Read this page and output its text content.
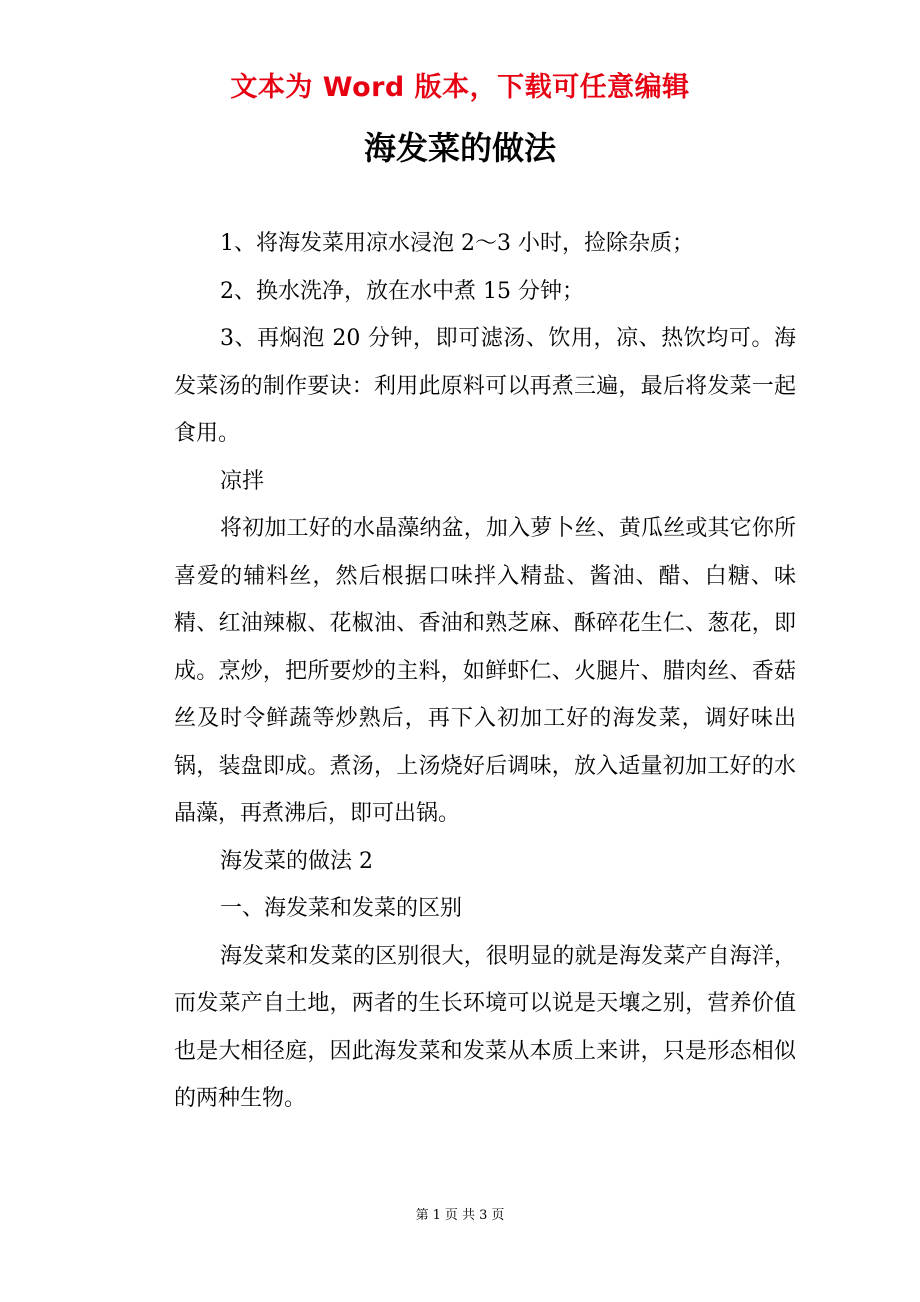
文本为 Word 版本，下载可任意编辑
海发菜的做法

1、将海发菜用凉水浸泡 2～3 小时，捡除杂质；

2、换水洗净，放在水中煮 15 分钟；

3、再焖泡 20 分钟，即可滤汤、饮用，凉、热饮均可。海发菜汤的制作要诀：利用此原料可以再煮三遍，最后将发菜一起食用。

凉拌

将初加工好的水晶藻纳盆，加入萝卜丝、黄瓜丝或其它你所喜爱的辅料丝，然后根据口味拌入精盐、酱油、醋、白糖、味精、红油辣椒、花椒油、香油和熟芝麻、酥碎花生仁、葱花，即成。烹炒，把所要炒的主料，如鲜虾仁、火腿片、腊肉丝、香菇丝及时令鲜蔬等炒熟后，再下入初加工好的海发菜，调好味出锅，装盘即成。煮汤，上汤烧好后调味，放入适量初加工好的水晶藻，再煮沸后，即可出锅。

海发菜的做法 2

一、海发菜和发菜的区别

海发菜和发菜的区别很大，很明显的就是海发菜产自海洋，而发菜产自土地，两者的生长环境可以说是天壤之别，营养价值也是大相径庭，因此海发菜和发菜从本质上来讲，只是形态相似的两种生物。

第 1 页 共 3 页
